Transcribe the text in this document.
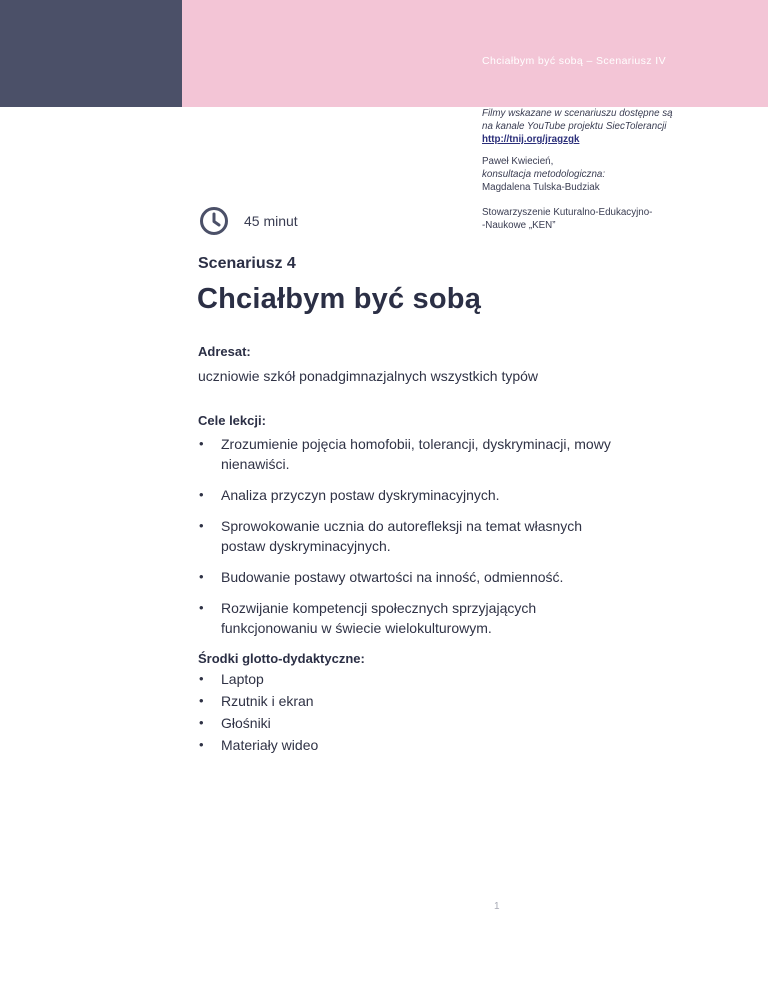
Chciałbym być sobą – Scenariusz IV
Filmy wskazane w scenariuszu dostępne są
na kanale YouTube projektu SiecTolerancji
http://tnij.org/jragzgk
Paweł Kwiecień,
konsultacja metodologiczna:
Magdalena Tulska-Budziak
Stowarzyszenie Kuturalno-Edukacyjno-
-Naukowe „KEN”
45 minut
Scenariusz 4
Chciałbym być sobą
Adresat:
uczniowie szkół ponadgimnazjalnych wszystkich typów
Cele lekcji:
• Zrozumienie pojęcia homofobii, tolerancji, dyskryminacji, mowy nienawiści.
• Analiza przyczyn postaw dyskryminacyjnych.
• Sprowokowanie ucznia do autorefleksji na temat własnych postaw dyskryminacyjnych.
• Budowanie postawy otwartości na inność, odmienność.
• Rozwijanie kompetencji społecznych sprzyjających funkcjonowaniu w świecie wielokulturowym.
Środki glotto-dydaktyczne:
• Laptop
• Rzutnik i ekran
• Głośniki
• Materiały wideo
1
